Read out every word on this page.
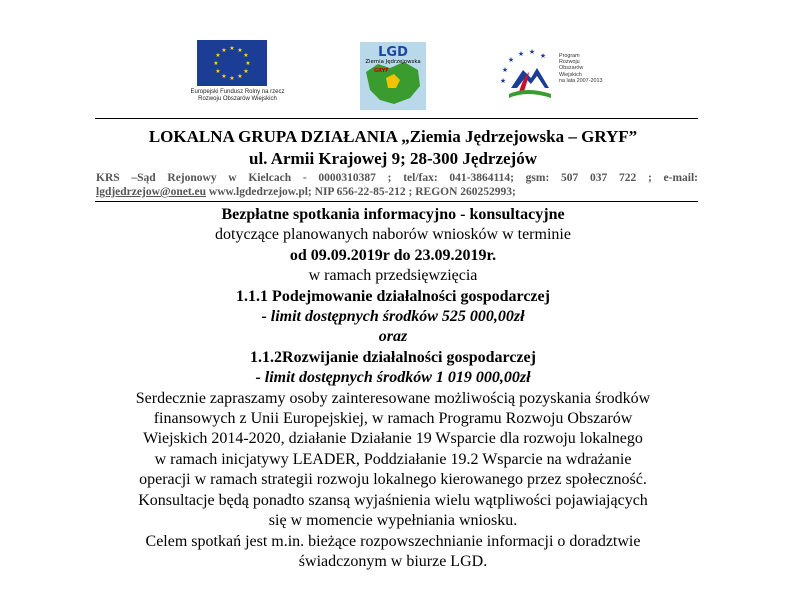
★ ★
★
★
★
★
★
★
★
★
★
★
Europejski Fundusz Rolny na rzecz
Rozwoju Obszarów Wiejskich
LGD
Ziemia Jędrzejowska
GRYF
★
★ ★ ★
★
★
Program
Rozwoju
Obszarów
Wiejskich
na lata 2007-2013
LOKALNA GRUPA DZIAŁANIA „Ziemia Jędrzejowska – GRYF”
ul. Armii Krajowej 9; 28-300 Jędrzejów
KRS –Sąd Rejonowy w Kielcach - 0000310387 ; tel/fax: 041-3864114; gsm: 507 037 722 ; e-mail:
lgdjedrzejow@onet.eu www.lgdedrzejow.pl; NIP 656-22-85-212 ; REGON 260252993;
Bezpłatne spotkania informacyjno - konsultacyjne
dotyczące planowanych naborów wniosków w terminie
od 09.09.2019r do 23.09.2019r.
w ramach przedsięwzięcia
1.1.1 Podejmowanie działalności gospodarczej
- limit dostępnych środków 525 000,00zł
oraz
1.1.2Rozwijanie działalności gospodarczej
- limit dostępnych środków 1 019 000,00zł
Serdecznie zapraszamy osoby zainteresowane możliwością pozyskania środków
finansowych z Unii Europejskiej, w ramach Programu Rozwoju Obszarów
Wiejskich 2014-2020, działanie Działanie 19 Wsparcie dla rozwoju lokalnego
w ramach inicjatywy LEADER, Poddziałanie 19.2 Wsparcie na wdrażanie
operacji w ramach strategii rozwoju lokalnego kierowanego przez społeczność.
Konsultacje będą ponadto szansą wyjaśnienia wielu wątpliwości pojawiających
się w momencie wypełniania wniosku.
Celem spotkań jest m.in. bieżące rozpowszechnianie informacji o doradztwie
świadczonym w biurze LGD.
